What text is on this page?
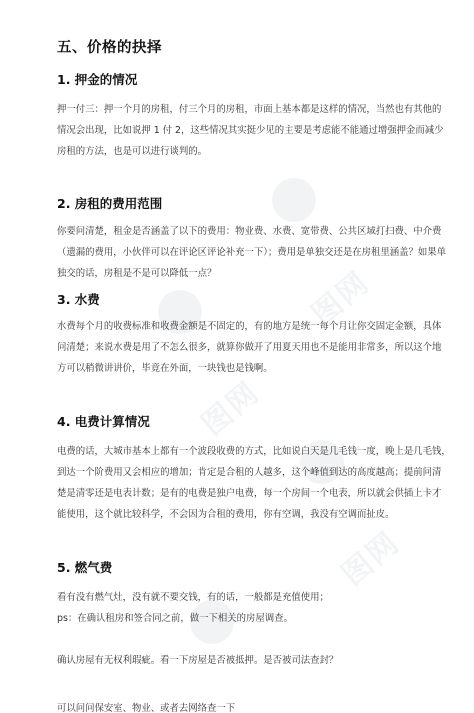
图网
图网
图网
五、价格的抉择
1. 押金的情况
押一付三：押一个月的房租，付三个月的房租，市面上基本都是这样的情况，当然也有其他的
情况会出现，比如说押 1 付 2，这些情况其实挺少见的主要是考虑能不能通过增强押金而减少
房租的方法，也是可以进行谈判的。
2. 房租的费用范围
你要问清楚，租金是否涵盖了以下的费用：物业费、水费、宽带费、公共区域打扫费、中介费
（遗漏的费用，小伙伴可以在评论区评论补充一下）；费用是单独交还是在房租里涵盖？如果单
独交的话，房租是不是可以降低一点？
3. 水费
水费每个月的收费标准和收费金额是不固定的，有的地方是统一每个月让你交固定金额，具体
问清楚；来说水费是用了不怎么很多，就算你做开了用夏天用也不是能用非常多，所以这个地
方可以稍微讲讲价，毕竟在外面，一块钱也是钱啊。
4. 电费计算情况
电费的话，大城市基本上都有一个波段收费的方式，比如说白天是几毛钱一度，晚上是几毛钱，
到达一个阶费用又会相应的增加；肯定是合租的人越多，这个峰值到达的高度越高；提前问清
楚是清零还是电表计数；是有的电费是独户电费，每一个房间一个电表，所以就会供插上卡才
能使用，这个就比较科学，不会因为合租的费用，你有空调，我没有空调而扯皮。
5. 燃气费
看有没有燃气灶，没有就不要交钱，有的话，一般都是充值使用；
ps：在确认租房和签合同之前，做一下相关的房屋调查。
确认房屋有无权利瑕疵。看一下房屋是否被抵押。是否被司法查封？
可以问问保安室、物业、或者去网络查一下
